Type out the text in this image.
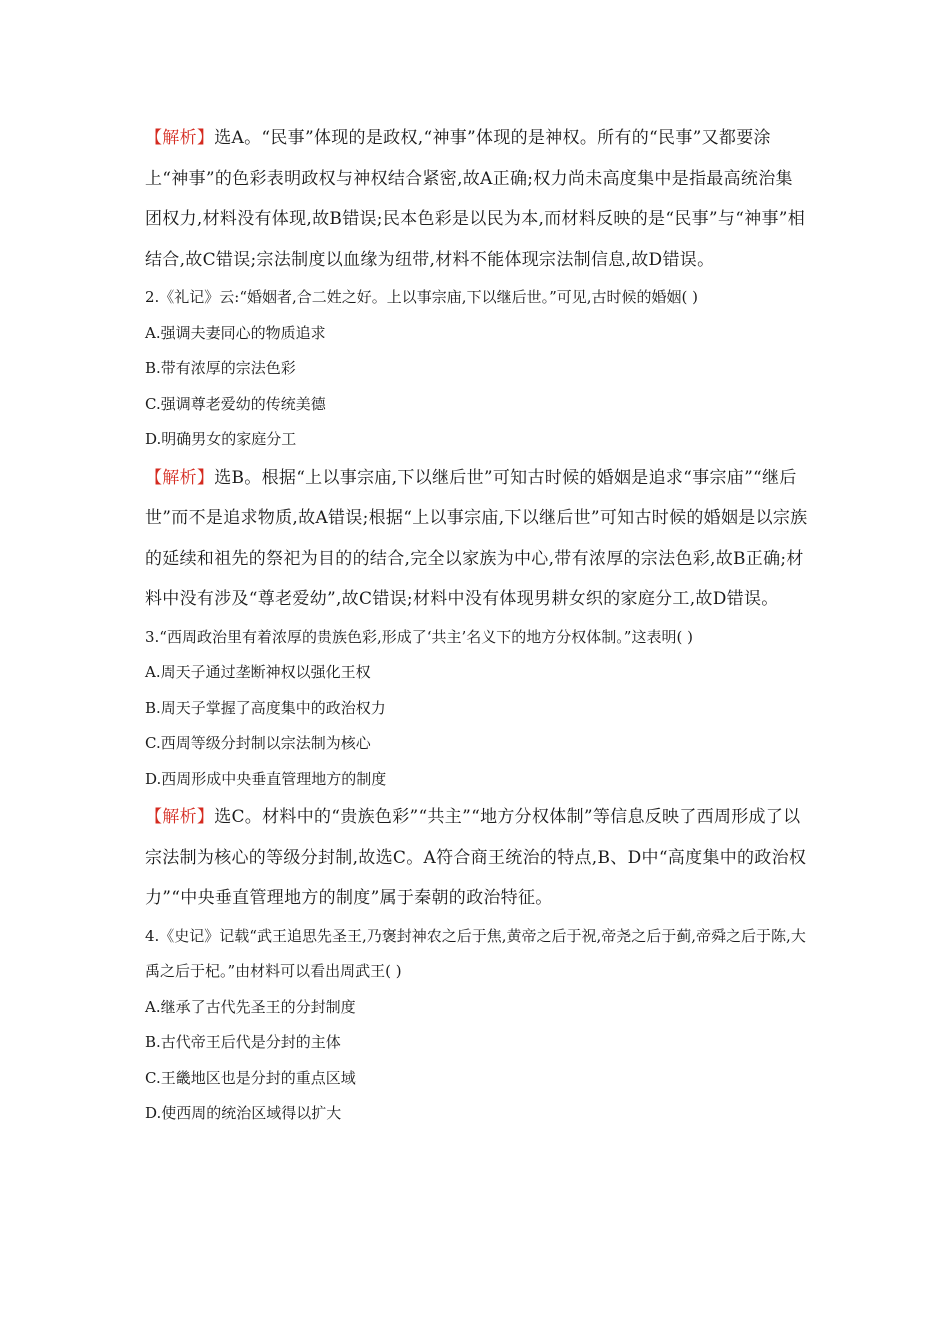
【解析】选A。“民事”体现的是政权,“神事”体现的是神权。所有的“民事”又都要涂上“神事”的色彩表明政权与神权结合紧密,故A正确;权力尚未高度集中是指最高统治集团权力,材料没有体现,故B错误;民本色彩是以民为本,而材料反映的是“民事”与“神事”相结合,故C错误;宗法制度以血缘为纽带,材料不能体现宗法制信息,故D错误。

2.《礼记》云:“婚姻者,合二姓之好。上以事宗庙,下以继后世。”可见,古时候的婚姻( )

A.强调夫妻同心的物质追求

B.带有浓厚的宗法色彩

C.强调尊老爱幼的传统美德

D.明确男女的家庭分工

【解析】选B。根据“上以事宗庙,下以继后世”可知古时候的婚姻是追求“事宗庙”“继后世”而不是追求物质,故A错误;根据“上以事宗庙,下以继后世”可知古时候的婚姻是以宗族的延续和祖先的祭祀为目的的结合,完全以家族为中心,带有浓厚的宗法色彩,故B正确;材料中没有涉及“尊老爱幼”,故C错误;材料中没有体现男耕女织的家庭分工,故D错误。

3.“西周政治里有着浓厚的贵族色彩,形成了‘共主’名义下的地方分权体制。”这表明( )

A.周天子通过垄断神权以强化王权

B.周天子掌握了高度集中的政治权力

C.西周等级分封制以宗法制为核心

D.西周形成中央垂直管理地方的制度

【解析】选C。材料中的“贵族色彩”“共主”“地方分权体制”等信息反映了西周形成了以宗法制为核心的等级分封制,故选C。A符合商王统治的特点,B、D中“高度集中的政治权力”“中央垂直管理地方的制度”属于秦朝的政治特征。

4.《史记》记载“武王追思先圣王,乃褒封神农之后于焦,黄帝之后于祝,帝尧之后于蓟,帝舜之后于陈,大禹之后于杞。”由材料可以看出周武王( )

A.继承了古代先圣王的分封制度

B.古代帝王后代是分封的主体

C.王畿地区也是分封的重点区域

D.使西周的统治区域得以扩大
